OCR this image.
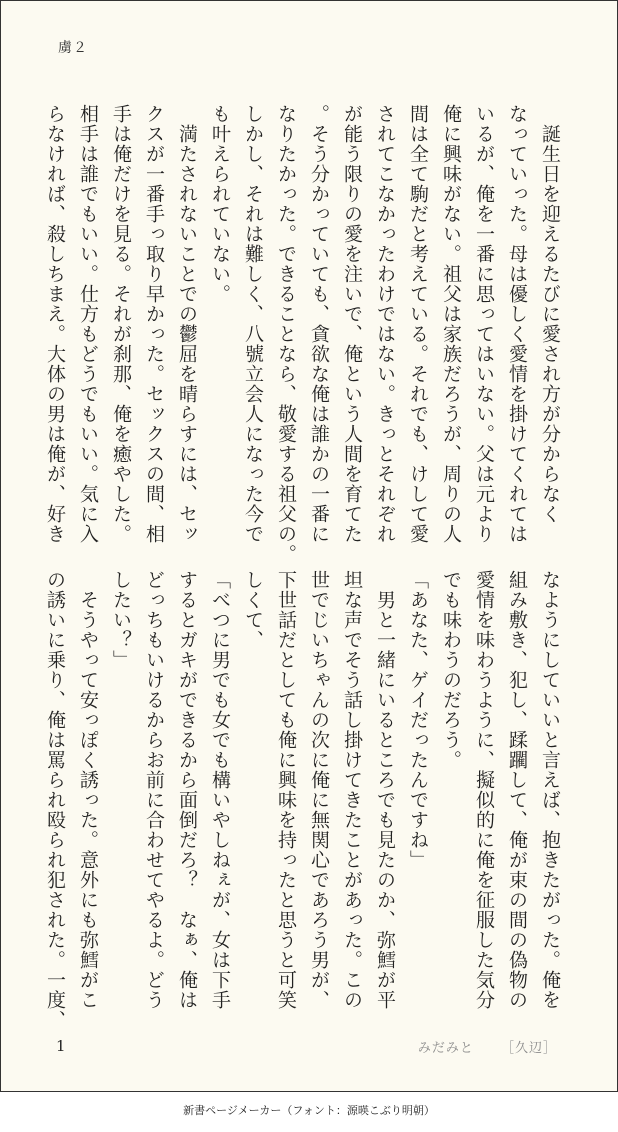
虜２
　誕生日を迎えるたびに愛され方が分からなく
なっていった。母は優しく愛情を掛けてくれては
いるが、俺を一番に思ってはいない。父は元より
俺に興味がない。祖父は家族だろうが、周りの人
間は全て駒だと考えている。それでも、けして愛
されてこなかったわけではない。きっとそれぞれ
が能う限りの愛を注いで、俺という人間を育てた
。そう分かっていても、貪欲な俺は誰かの一番に
なりたかった。できることなら、敬愛する祖父の。
しかし、それは難しく、八號立会人になった今で
も叶えられていない。
　満たされないことでの鬱屈を晴らすには、セッ
クスが一番手っ取り早かった。セックスの間、相
手は俺だけを見る。それが刹那、俺を癒やした。
相手は誰でもいい。仕方もどうでもいい。気に入
らなければ、殺しちまえ。大体の男は俺が、好き
なようにしていいと言えば、抱きたがった。俺を
組み敷き、犯し、蹂躙して、俺が束の間の偽物の
愛情を味わうように、擬似的に俺を征服した気分
でも味わうのだろう。
「あなた、ゲイだったんですね」
　男と一緒にいるところでも見たのか、弥鱈が平
坦な声でそう話し掛けてきたことがあった。この
世でじいちゃんの次に俺に無関心であろう男が、
下世話だとしても俺に興味を持ったと思うと可笑
しくて、
「べつに男でも女でも構いやしねぇが、女は下手
するとガキができるから面倒だろ？　なぁ、俺は
どっちもいけるからお前に合わせてやるよ。どう
したい？」
　そうやって安っぽく誘った。意外にも弥鱈がこ
の誘いに乗り、俺は罵られ殴られ犯された。一度、
1	みだみと ［久辺］
新書ページメーカー（フォント：源暎こぶり明朝）
